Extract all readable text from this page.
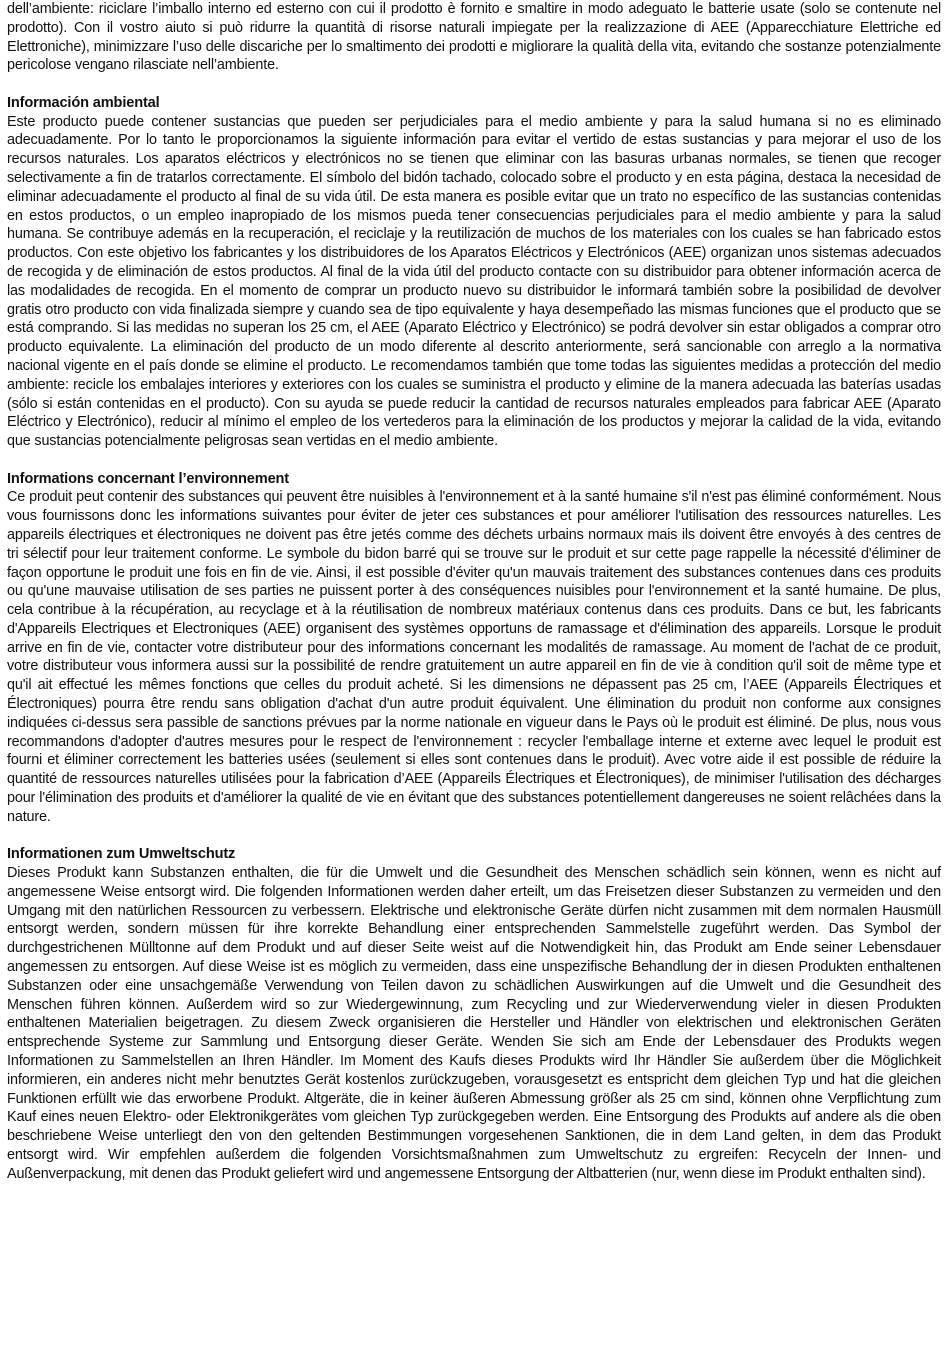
dell’ambiente: riciclare l’imballo interno ed esterno con cui il prodotto è fornito e smaltire in modo adeguato le batterie usate (solo se contenute nel prodotto). Con il vostro aiuto si può ridurre la quantità di risorse naturali impiegate per la realizzazione di AEE (Apparecchiature Elettriche ed Elettroniche), minimizzare l’uso delle discariche per lo smaltimento dei prodotti e migliorare la qualità della vita, evitando che sostanze potenzialmente pericolose vengano rilasciate nell’ambiente.

Información ambiental

Este producto puede contener sustancias que pueden ser perjudiciales para el medio ambiente y para la salud humana si no es eliminado adecuadamente. Por lo tanto le proporcionamos la siguiente información para evitar el vertido de estas sustancias y para mejorar el uso de los recursos naturales. Los aparatos eléctricos y electrónicos no se tienen que eliminar con las basuras urbanas normales, se tienen que recoger selectivamente a fin de tratarlos correctamente. El símbolo del bidón tachado, colocado sobre el producto y en esta página, destaca la necesidad de eliminar adecuadamente el producto al final de su vida útil. De esta manera es posible evitar que un trato no específico de las sustancias contenidas en estos productos, o un empleo inapropiado de los mismos pueda tener consecuencias perjudiciales para el medio ambiente y para la salud humana. Se contribuye además en la recuperación, el reciclaje y la reutilización de muchos de los materiales con los cuales se han fabricado estos productos. Con este objetivo los fabricantes y los distribuidores de los Aparatos Eléctricos y Electrónicos (AEE) organizan unos sistemas adecuados de recogida y de eliminación de estos productos. Al final de la vida útil del producto contacte con su distribuidor para obtener información acerca de las modalidades de recogida. En el momento de comprar un producto nuevo su distribuidor le informará también sobre la posibilidad de devolver gratis otro producto con vida finalizada siempre y cuando sea de tipo equivalente y haya desempeñado las mismas funciones que el producto que se está comprando. Si las medidas no superan los 25 cm, el AEE (Aparato Eléctrico y Electrónico) se podrá devolver sin estar obligados a comprar otro producto equivalente. La eliminación del producto de un modo diferente al descrito anteriormente, será sancionable con arreglo a la normativa nacional vigente en el país donde se elimine el producto. Le recomendamos también que tome todas las siguientes medidas a protección del medio ambiente: recicle los embalajes interiores y exteriores con los cuales se suministra el producto y elimine de la manera adecuada las baterías usadas (sólo si están contenidas en el producto). Con su ayuda se puede reducir la cantidad de recursos naturales empleados para fabricar AEE (Aparato Eléctrico y Electrónico), reducir al mínimo el empleo de los vertederos para la eliminación de los productos y mejorar la calidad de la vida, evitando que sustancias potencialmente peligrosas sean vertidas en el medio ambiente.

Informations concernant l’environnement

Ce produit peut contenir des substances qui peuvent être nuisibles à l'environnement et à la santé humaine s'il n'est pas éliminé conformément. Nous vous fournissons donc les informations suivantes pour éviter de jeter ces substances et pour améliorer l'utilisation des ressources naturelles. Les appareils électriques et électroniques ne doivent pas être jetés comme des déchets urbains normaux mais ils doivent être envoyés à des centres de tri sélectif pour leur traitement conforme. Le symbole du bidon barré qui se trouve sur le produit et sur cette page rappelle la nécessité d'éliminer de façon opportune le produit une fois en fin de vie. Ainsi, il est possible d'éviter qu'un mauvais traitement des substances contenues dans ces produits ou qu'une mauvaise utilisation de ses parties ne puissent porter à des conséquences nuisibles pour l'environnement et la santé humaine. De plus, cela contribue à la récupération, au recyclage et à la réutilisation de nombreux matériaux contenus dans ces produits. Dans ce but, les fabricants d'Appareils Electriques et Electroniques (AEE) organisent des systèmes opportuns de ramassage et d'élimination des appareils. Lorsque le produit arrive en fin de vie, contacter votre distributeur pour des informations concernant les modalités de ramassage. Au moment de l'achat de ce produit, votre distributeur vous informera aussi sur la possibilité de rendre gratuitement un autre appareil en fin de vie à condition qu'il soit de même type et qu'il ait effectué les mêmes fonctions que celles du produit acheté. Si les dimensions ne dépassent pas 25 cm, l’AEE (Appareils Électriques et Électroniques) pourra être rendu sans obligation d'achat d'un autre produit équivalent. Une élimination du produit non conforme aux consignes indiquées ci-dessus sera passible de sanctions prévues par la norme nationale en vigueur dans le Pays où le produit est éliminé. De plus, nous vous recommandons d'adopter d'autres mesures pour le respect de l'environnement : recycler l'emballage interne et externe avec lequel le produit est fourni et éliminer correctement les batteries usées (seulement si elles sont contenues dans le produit). Avec votre aide il est possible de réduire la quantité de ressources naturelles utilisées pour la fabrication d’AEE (Appareils Électriques et Électroniques), de minimiser l'utilisation des décharges pour l'élimination des produits et d'améliorer la qualité de vie en évitant que des substances potentiellement dangereuses ne soient relâchées dans la nature.

Informationen zum Umweltschutz

Dieses Produkt kann Substanzen enthalten, die für die Umwelt und die Gesundheit des Menschen schädlich sein können, wenn es nicht auf angemessene Weise entsorgt wird. Die folgenden Informationen werden daher erteilt, um das Freisetzen dieser Substanzen zu vermeiden und den Umgang mit den natürlichen Ressourcen zu verbessern. Elektrische und elektronische Geräte dürfen nicht zusammen mit dem normalen Hausmüll entsorgt werden, sondern müssen für ihre korrekte Behandlung einer entsprechenden Sammelstelle zugeführt werden. Das Symbol der durchgestrichenen Mülltonne auf dem Produkt und auf dieser Seite weist auf die Notwendigkeit hin, das Produkt am Ende seiner Lebensdauer angemessen zu entsorgen. Auf diese Weise ist es möglich zu vermeiden, dass eine unspezifische Behandlung der in diesen Produkten enthaltenen Substanzen oder eine unsachgemäße Verwendung von Teilen davon zu schädlichen Auswirkungen auf die Umwelt und die Gesundheit des Menschen führen können. Außerdem wird so zur Wiedergewinnung, zum Recycling und zur Wiederverwendung vieler in diesen Produkten enthaltenen Materialien beigetragen. Zu diesem Zweck organisieren die Hersteller und Händler von elektrischen und elektronischen Geräten entsprechende Systeme zur Sammlung und Entsorgung dieser Geräte. Wenden Sie sich am Ende der Lebensdauer des Produkts wegen Informationen zu Sammelstellen an Ihren Händler. Im Moment des Kaufs dieses Produkts wird Ihr Händler Sie außerdem über die Möglichkeit informieren, ein anderes nicht mehr benutztes Gerät kostenlos zurückzugeben, vorausgesetzt es entspricht dem gleichen Typ und hat die gleichen Funktionen erfüllt wie das erworbene Produkt. Altgeräte, die in keiner äußeren Abmessung größer als 25 cm sind, können ohne Verpflichtung zum Kauf eines neuen Elektro- oder Elektronikgerätes vom gleichen Typ zurückgegeben werden. Eine Entsorgung des Produkts auf andere als die oben beschriebene Weise unterliegt den von den geltenden Bestimmungen vorgesehenen Sanktionen, die in dem Land gelten, in dem das Produkt entsorgt wird. Wir empfehlen außerdem die folgenden Vorsichtsmaßnahmen zum Umweltschutz zu ergreifen: Recyceln der Innen- und Außenverpackung, mit denen das Produkt geliefert wird und angemessene Entsorgung der Altbatterien (nur, wenn diese im Produkt enthalten sind).
